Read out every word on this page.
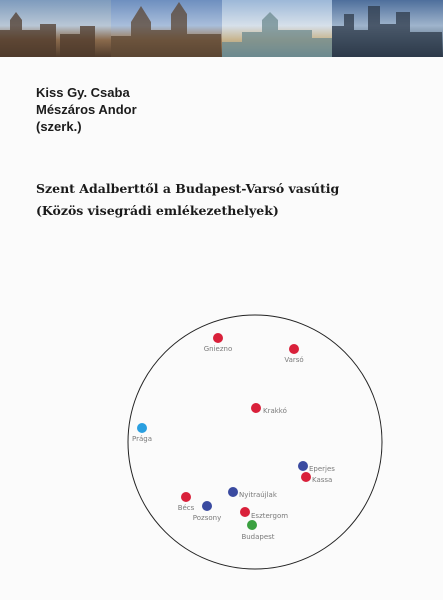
Kiss Gy. Csaba
Mészáros Andor
(szerk.)
Szent Adalberttől a Budapest-Varsó vasútig
(Közös visegrádi emlékezethelyek)
Gniezno
Varsó
Krakkó
Prága
Eperjes
Kassa
Nyitraújlak
Bécs
Pozsony	Esztergom
Budapest
